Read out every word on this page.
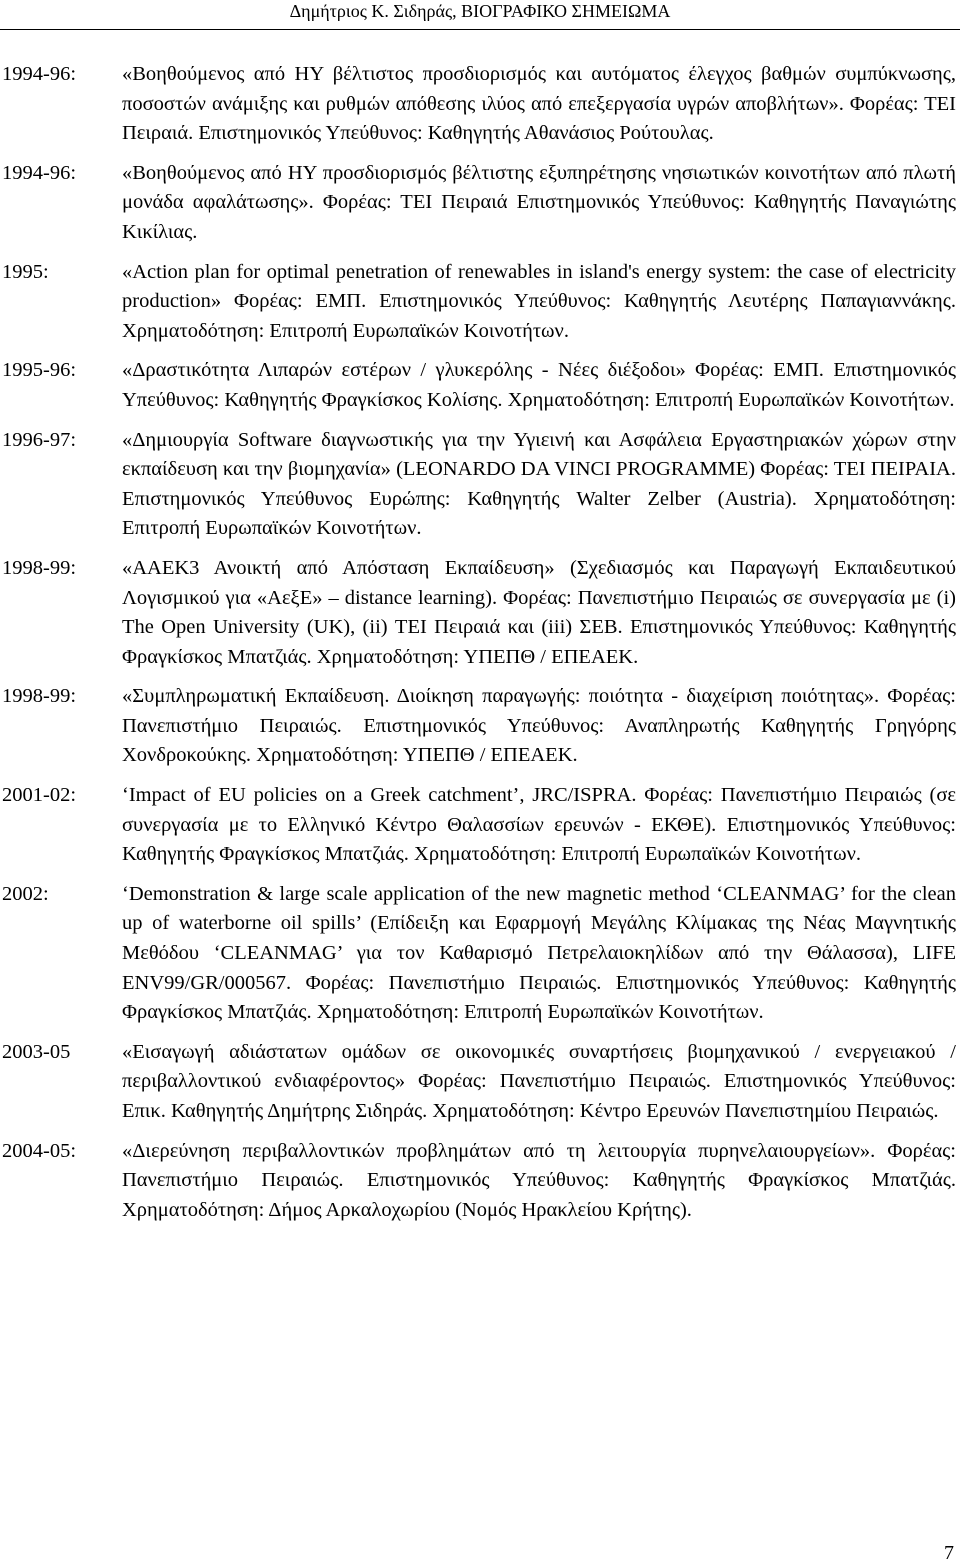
Δημήτριος Κ. Σιδηράς, ΒΙΟΓΡΑΦΙΚΟ ΣΗΜΕΙΩΜΑ
1994-96:	«Βοηθούμενος από ΗΥ βέλτιστος προσδιορισμός και αυτόματος έλεγχος βαθμών συμπύκνωσης, ποσοστών ανάμιξης και ρυθμών απόθεσης ιλύος από επεξεργασία υγρών αποβλήτων». Φορέας: ΤΕΙ Πειραιά. Επιστημονικός Υπεύθυνος: Καθηγητής Αθανάσιος Ρούτουλας.
1994-96:	«Βοηθούμενος από ΗΥ προσδιορισμός βέλτιστης εξυπηρέτησης νησιωτικών κοινοτήτων από πλωτή μονάδα αφαλάτωσης». Φορέας: ΤΕΙ Πειραιά Επιστημονικός Υπεύθυνος: Καθηγητής Παναγιώτης Κικίλιας.
1995:	«Action plan for optimal penetration of renewables in island's energy system: the case of electricity production» Φορέας: ΕΜΠ. Επιστημονικός Υπεύθυνος: Καθηγητής Λευτέρης Παπαγιαννάκης. Χρηματοδότηση: Επιτροπή Ευρωπαϊκών Κοινοτήτων.
1995-96:	«Δραστικότητα Λιπαρών εστέρων / γλυκερόλης - Νέες διέξοδοι» Φορέας: ΕΜΠ. Επιστημονικός Υπεύθυνος: Καθηγητής Φραγκίσκος Κολίσης. Χρηματοδότηση: Επιτροπή Ευρωπαϊκών Κοινοτήτων.
1996-97:	«Δημιουργία Software διαγνωστικής για την Υγιεινή και Ασφάλεια Εργαστηριακών χώρων στην εκπαίδευση και την βιομηχανία» (LEONARDO DA VINCI PROGRAMME) Φορέας: ΤΕΙ ΠΕΙΡΑΙΑ. Επιστημονικός Υπεύθυνος Ευρώπης: Καθηγητής Walter Zelber (Austria). Χρηματοδότηση: Επιτροπή Ευρωπαϊκών Κοινοτήτων.
1998-99:	«ΑΑΕΚ3 Ανοικτή από Απόσταση Εκπαίδευση» (Σχεδιασμός και Παραγωγή Εκπαιδευτικού Λογισμικού για «ΑεξΕ» – distance learning). Φορέας: Πανεπιστήμιο Πειραιώς σε συνεργασία με (i) The Open University (UK), (ii) ΤΕΙ Πειραιά και (iii) ΣΕΒ. Επιστημονικός Υπεύθυνος: Καθηγητής Φραγκίσκος Μπατζιάς. Χρηματοδότηση: ΥΠΕΠΘ / ΕΠΕΑΕΚ.
1998-99:	«Συμπληρωματική Εκπαίδευση. Διοίκηση παραγωγής: ποιότητα - διαχείριση ποιότητας». Φορέας: Πανεπιστήμιο Πειραιώς. Επιστημονικός Υπεύθυνος: Αναπληρωτής Καθηγητής Γρηγόρης Χονδροκούκης. Χρηματοδότηση: ΥΠΕΠΘ / ΕΠΕΑΕΚ.
2001-02:	‘Impact of EU policies on a Greek catchment’, JRC/ISPRA. Φορέας: Πανεπιστήμιο Πειραιώς (σε συνεργασία με το Ελληνικό Κέντρο Θαλασσίων ερευνών - ΕΚΘΕ). Επιστημονικός Υπεύθυνος: Καθηγητής Φραγκίσκος Μπατζιάς. Χρηματοδότηση: Επιτροπή Ευρωπαϊκών Κοινοτήτων.
2002:	‘Demonstration & large scale application of the new magnetic method ‘CLEANMAG’ for the clean up of waterborne oil spills’ (Επίδειξη και Εφαρμογή Μεγάλης Κλίμακας της Νέας Μαγνητικής Μεθόδου ‘CLEANMAG’ για τον Καθαρισμό Πετρελαιοκηλίδων από την Θάλασσα), LIFE ENV99/GR/000567. Φορέας: Πανεπιστήμιο Πειραιώς. Επιστημονικός Υπεύθυνος: Καθηγητής Φραγκίσκος Μπατζιάς. Χρηματοδότηση: Επιτροπή Ευρωπαϊκών Κοινοτήτων.
2003-05	«Εισαγωγή αδιάστατων ομάδων σε οικονομικές συναρτήσεις βιομηχανικού / ενεργειακού / περιβαλλοντικού ενδιαφέροντος» Φορέας: Πανεπιστήμιο Πειραιώς. Επιστημονικός Υπεύθυνος: Επικ. Καθηγητής Δημήτρης Σιδηράς. Χρηματοδότηση: Κέντρο Ερευνών Πανεπιστημίου Πειραιώς.
2004-05:	«Διερεύνηση περιβαλλοντικών προβλημάτων από τη λειτουργία πυρηνελαιουργείων». Φορέας: Πανεπιστήμιο Πειραιώς. Επιστημονικός Υπεύθυνος: Καθηγητής Φραγκίσκος Μπατζιάς. Χρηματοδότηση: Δήμος Αρκαλοχωρίου (Νομός Ηρακλείου Κρήτης).
7
